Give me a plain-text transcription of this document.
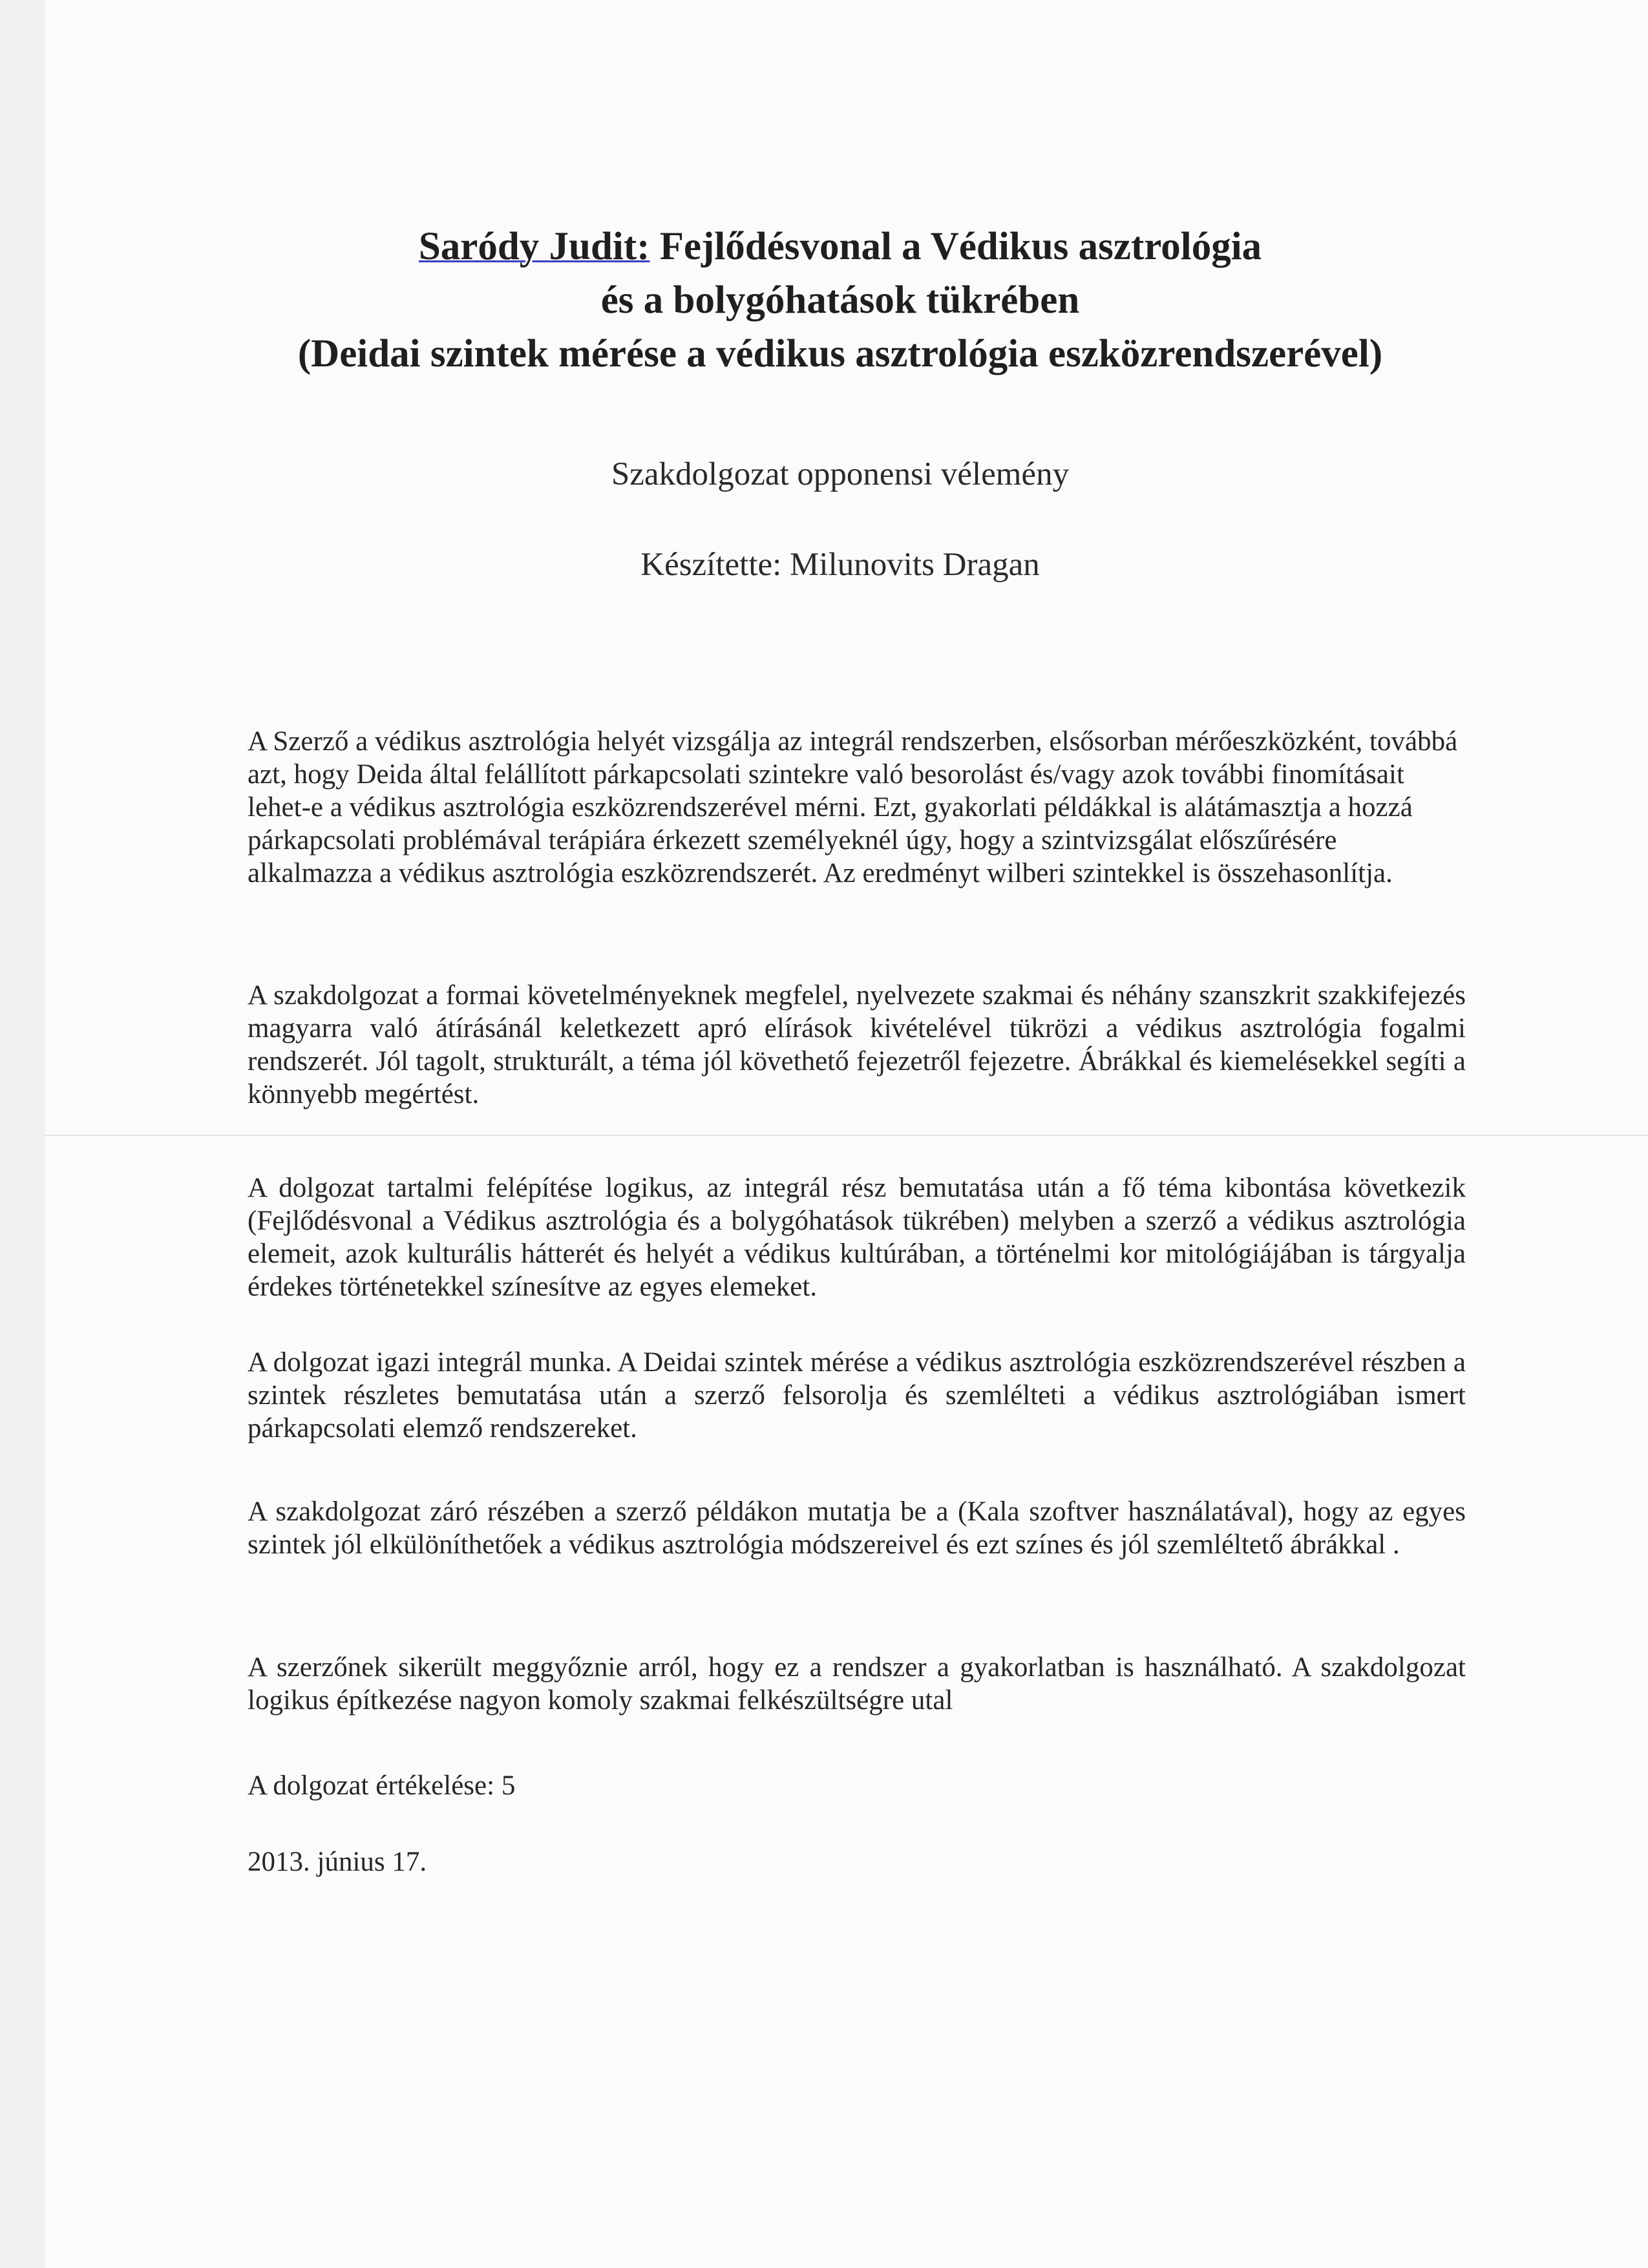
Saródy Judit: Fejlődésvonal a Védikus asztrológia
és a bolygóhatások tükrében
(Deidai szintek mérése a védikus asztrológia eszközrendszerével)
Szakdolgozat opponensi vélemény
Készítette: Milunovits Dragan
A Szerző a védikus asztrológia helyét vizsgálja az integrál rendszerben, elsősorban mérőeszközként, továbbá azt, hogy Deida által felállított párkapcsolati szintekre való besorolást és/vagy azok további finomításait lehet-e a védikus asztrológia eszközrendszerével mérni. Ezt, gyakorlati példákkal is alátámasztja a hozzá párkapcsolati problémával terápiára érkezett személyeknél úgy, hogy a szintvizsgálat előszűrésére alkalmazza a védikus asztrológia eszközrendszerét. Az eredményt wilberi szintekkel is összehasonlítja.
A szakdolgozat a formai követelményeknek megfelel, nyelvezete szakmai és néhány szanszkrit szakkifejezés magyarra való átírásánál keletkezett apró elírások kivételével tükrözi a védikus asztrológia fogalmi rendszerét. Jól tagolt, strukturált, a téma jól követhető fejezetről fejezetre. Ábrákkal és kiemelésekkel segíti a könnyebb megértést.
A dolgozat tartalmi felépítése logikus, az integrál rész bemutatása után a fő téma kibontása következik (Fejlődésvonal a Védikus asztrológia és a bolygóhatások tükrében) melyben a szerző a védikus asztrológia elemeit, azok kulturális hátterét és helyét a védikus kultúrában, a történelmi kor mitológiájában is tárgyalja érdekes történetekkel színesítve az egyes elemeket.
A dolgozat igazi integrál munka. A Deidai szintek mérése a védikus asztrológia eszközrendszerével részben a szintek részletes bemutatása után a szerző felsorolja és szemlélteti a védikus asztrológiában ismert párkapcsolati elemző rendszereket.
A szakdolgozat záró részében a szerző példákon mutatja be a (Kala szoftver használatával), hogy az egyes szintek jól elkülöníthetőek a védikus asztrológia módszereivel és ezt színes és jól szemléltető ábrákkal .
A szerzőnek sikerült meggyőznie arról, hogy ez a rendszer a gyakorlatban is használható. A szakdolgozat logikus építkezése nagyon komoly szakmai felkészültségre utal
A dolgozat értékelése: 5
2013. június 17.
